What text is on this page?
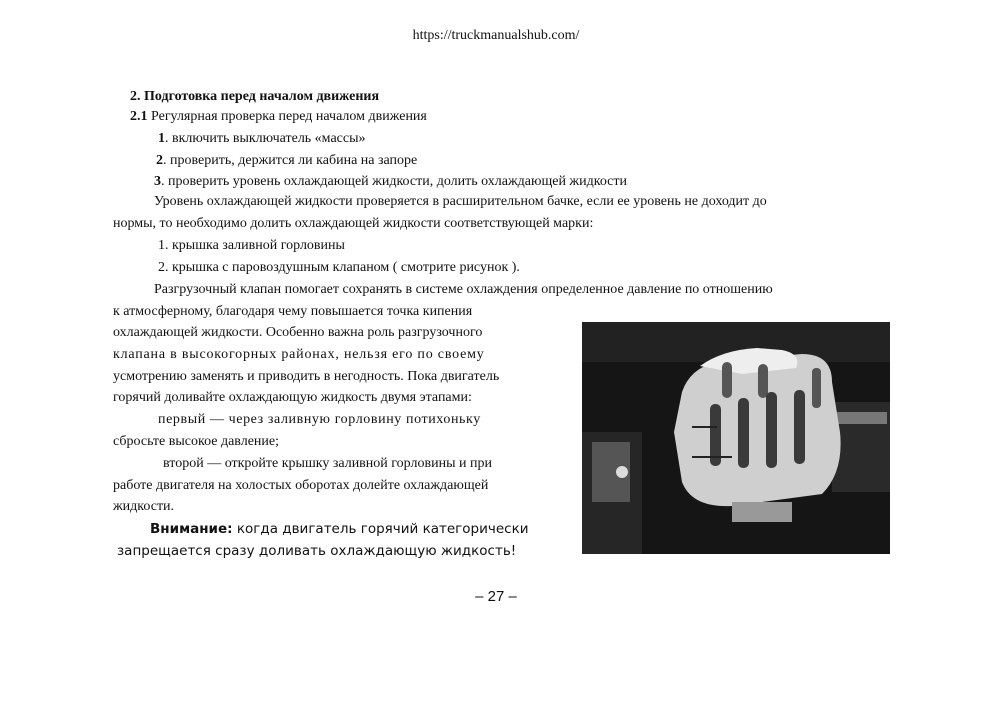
https://truckmanualshub.com/
2. Подготовка перед началом движения
2.1 Регулярная проверка перед началом движения
1. включить выключатель «массы»
2. проверить, держится ли кабина на запоре
3. проверить уровень охлаждающей жидкости, долить охлаждающей жидкости
Уровень охлаждающей жидкости проверяется в расширительном бачке, если ее уровень не доходит до
нормы, то необходимо долить охлаждающей жидкости соответствующей марки:
1. крышка заливной горловины
2. крышка с паровоздушным клапаном ( смотрите рисунок ).
Разгрузочный клапан помогает сохранять в системе охлаждения определенное давление по отношению
к атмосферному, благодаря чему повышается точка кипения
охлаждающей жидкости. Особенно важна роль разгрузочного
клапана в высокогорных районах, нельзя его по своему
усмотрению заменять и приводить в негодность. Пока двигатель
горячий доливайте охлаждающую жидкость двумя этапами:
первый — через заливную горловину потихоньку
сбросьте высокое давление;
второй — откройте крышку заливной горловины и при
работе двигателя на холостых оборотах долейте охлаждающей
жидкости.
Внимание: когда двигатель горячий категорически
запрещается сразу доливать охлаждающую жидкость!
– 27 –
